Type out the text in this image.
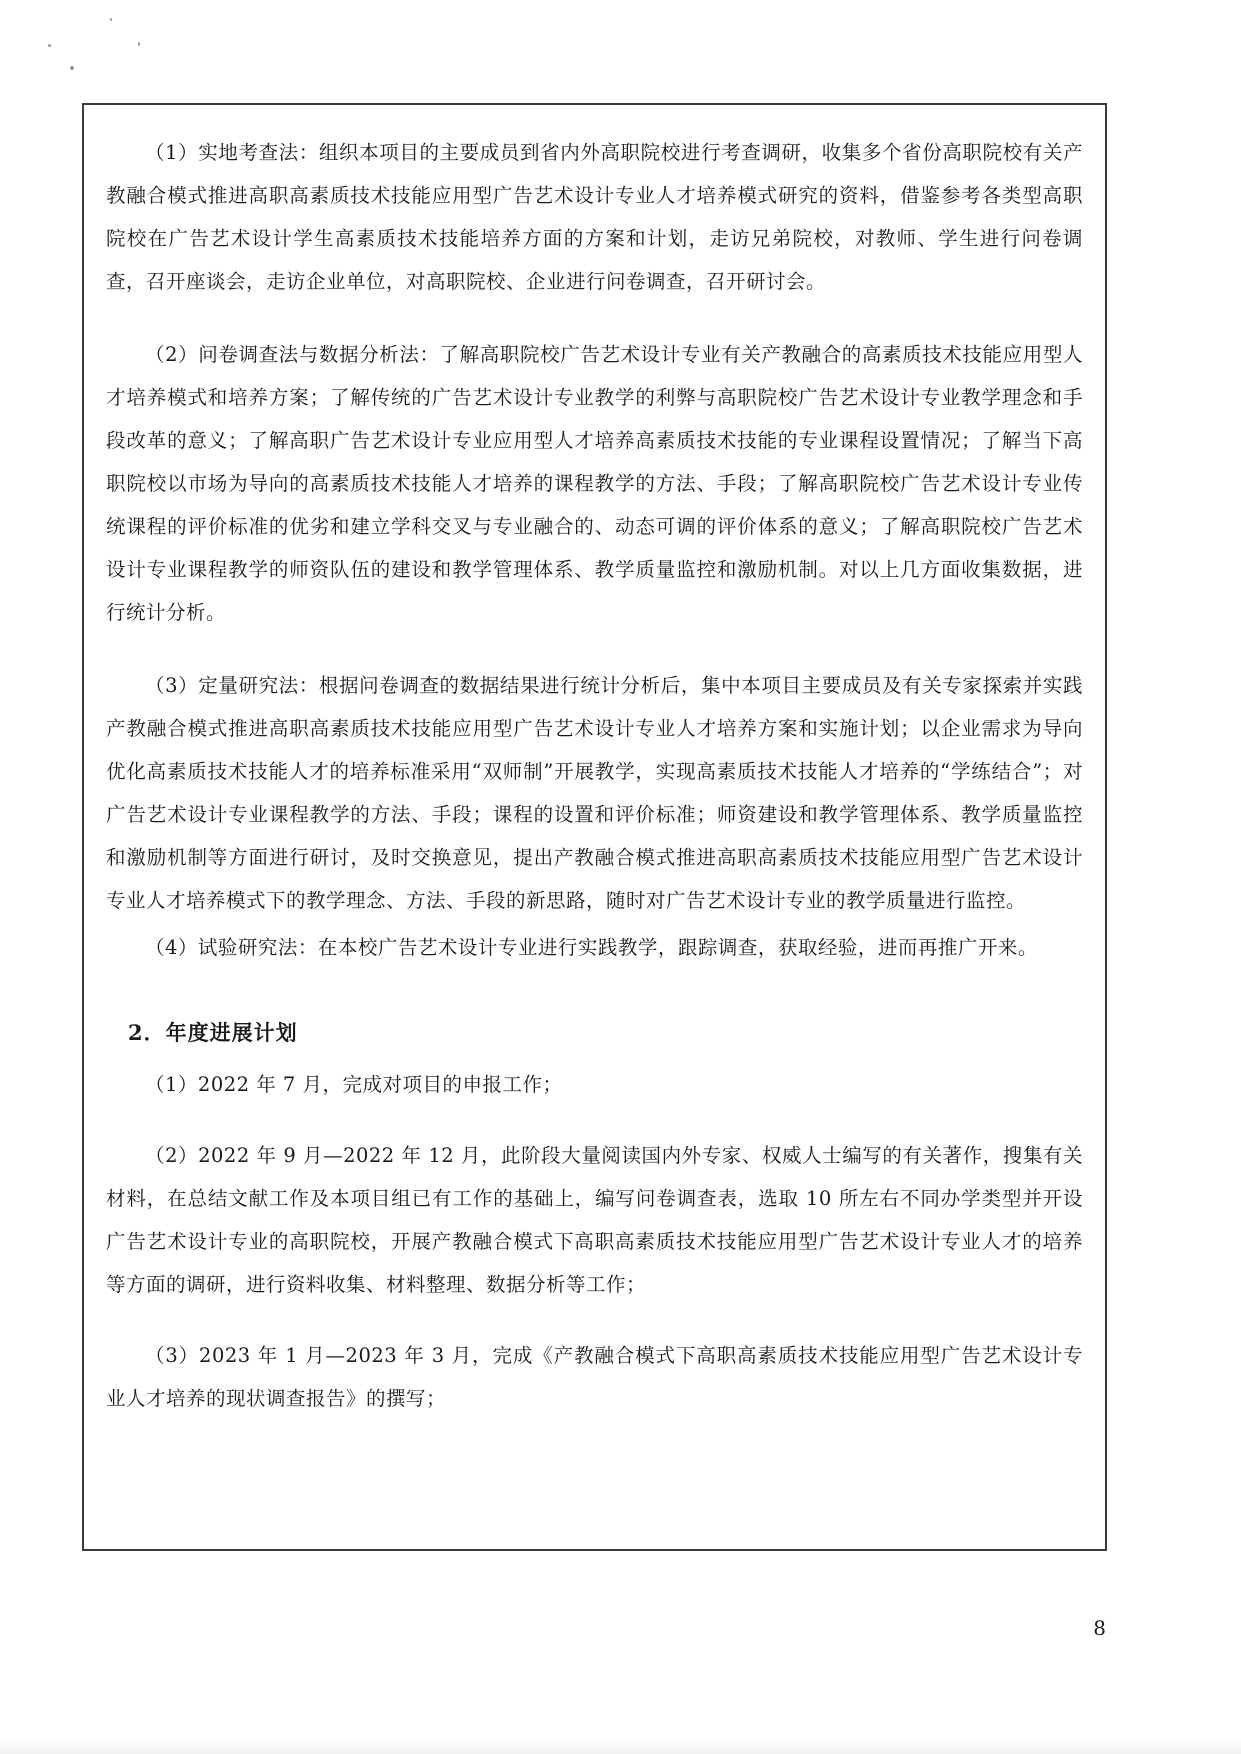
（1）实地考查法：组织本项目的主要成员到省内外高职院校进行考查调研，收集多个省份高职院校有关产教融合模式推进高职高素质技术技能应用型广告艺术设计专业人才培养模式研究的资料，借鉴参考各类型高职院校在广告艺术设计学生高素质技术技能培养方面的方案和计划，走访兄弟院校，对教师、学生进行问卷调查，召开座谈会，走访企业单位，对高职院校、企业进行问卷调查，召开研讨会。

（2）问卷调查法与数据分析法：了解高职院校广告艺术设计专业有关产教融合的高素质技术技能应用型人才培养模式和培养方案；了解传统的广告艺术设计专业教学的利弊与高职院校广告艺术设计专业教学理念和手段改革的意义；了解高职广告艺术设计专业应用型人才培养高素质技术技能的专业课程设置情况；了解当下高职院校以市场为导向的高素质技术技能人才培养的课程教学的方法、手段；了解高职院校广告艺术设计专业传统课程的评价标准的优劣和建立学科交叉与专业融合的、动态可调的评价体系的意义；了解高职院校广告艺术设计专业课程教学的师资队伍的建设和教学管理体系、教学质量监控和激励机制。对以上几方面收集数据，进行统计分析。

（3）定量研究法：根据问卷调查的数据结果进行统计分析后，集中本项目主要成员及有关专家探索并实践产教融合模式推进高职高素质技术技能应用型广告艺术设计专业人才培养方案和实施计划；以企业需求为导向优化高素质技术技能人才的培养标准采用“双师制”开展教学，实现高素质技术技能人才培养的“学练结合”；对广告艺术设计专业课程教学的方法、手段；课程的设置和评价标准；师资建设和教学管理体系、教学质量监控和激励机制等方面进行研讨，及时交换意见，提出产教融合模式推进高职高素质技术技能应用型广告艺术设计专业人才培养模式下的教学理念、方法、手段的新思路，随时对广告艺术设计专业的教学质量进行监控。

（4）试验研究法：在本校广告艺术设计专业进行实践教学，跟踪调查，获取经验，进而再推广开来。

2．年度进展计划

（1）2022 年 7 月，完成对项目的申报工作；

（2）2022 年 9 月—2022 年 12 月，此阶段大量阅读国内外专家、权威人士编写的有关著作，搜集有关材料，在总结文献工作及本项目组已有工作的基础上，编写问卷调查表，选取 10 所左右不同办学类型并开设广告艺术设计专业的高职院校，开展产教融合模式下高职高素质技术技能应用型广告艺术设计专业人才的培养等方面的调研，进行资料收集、材料整理、数据分析等工作；

（3）2023 年 1 月—2023 年 3 月，完成《产教融合模式下高职高素质技术技能应用型广告艺术设计专业人才培养的现状调查报告》的撰写；

8
